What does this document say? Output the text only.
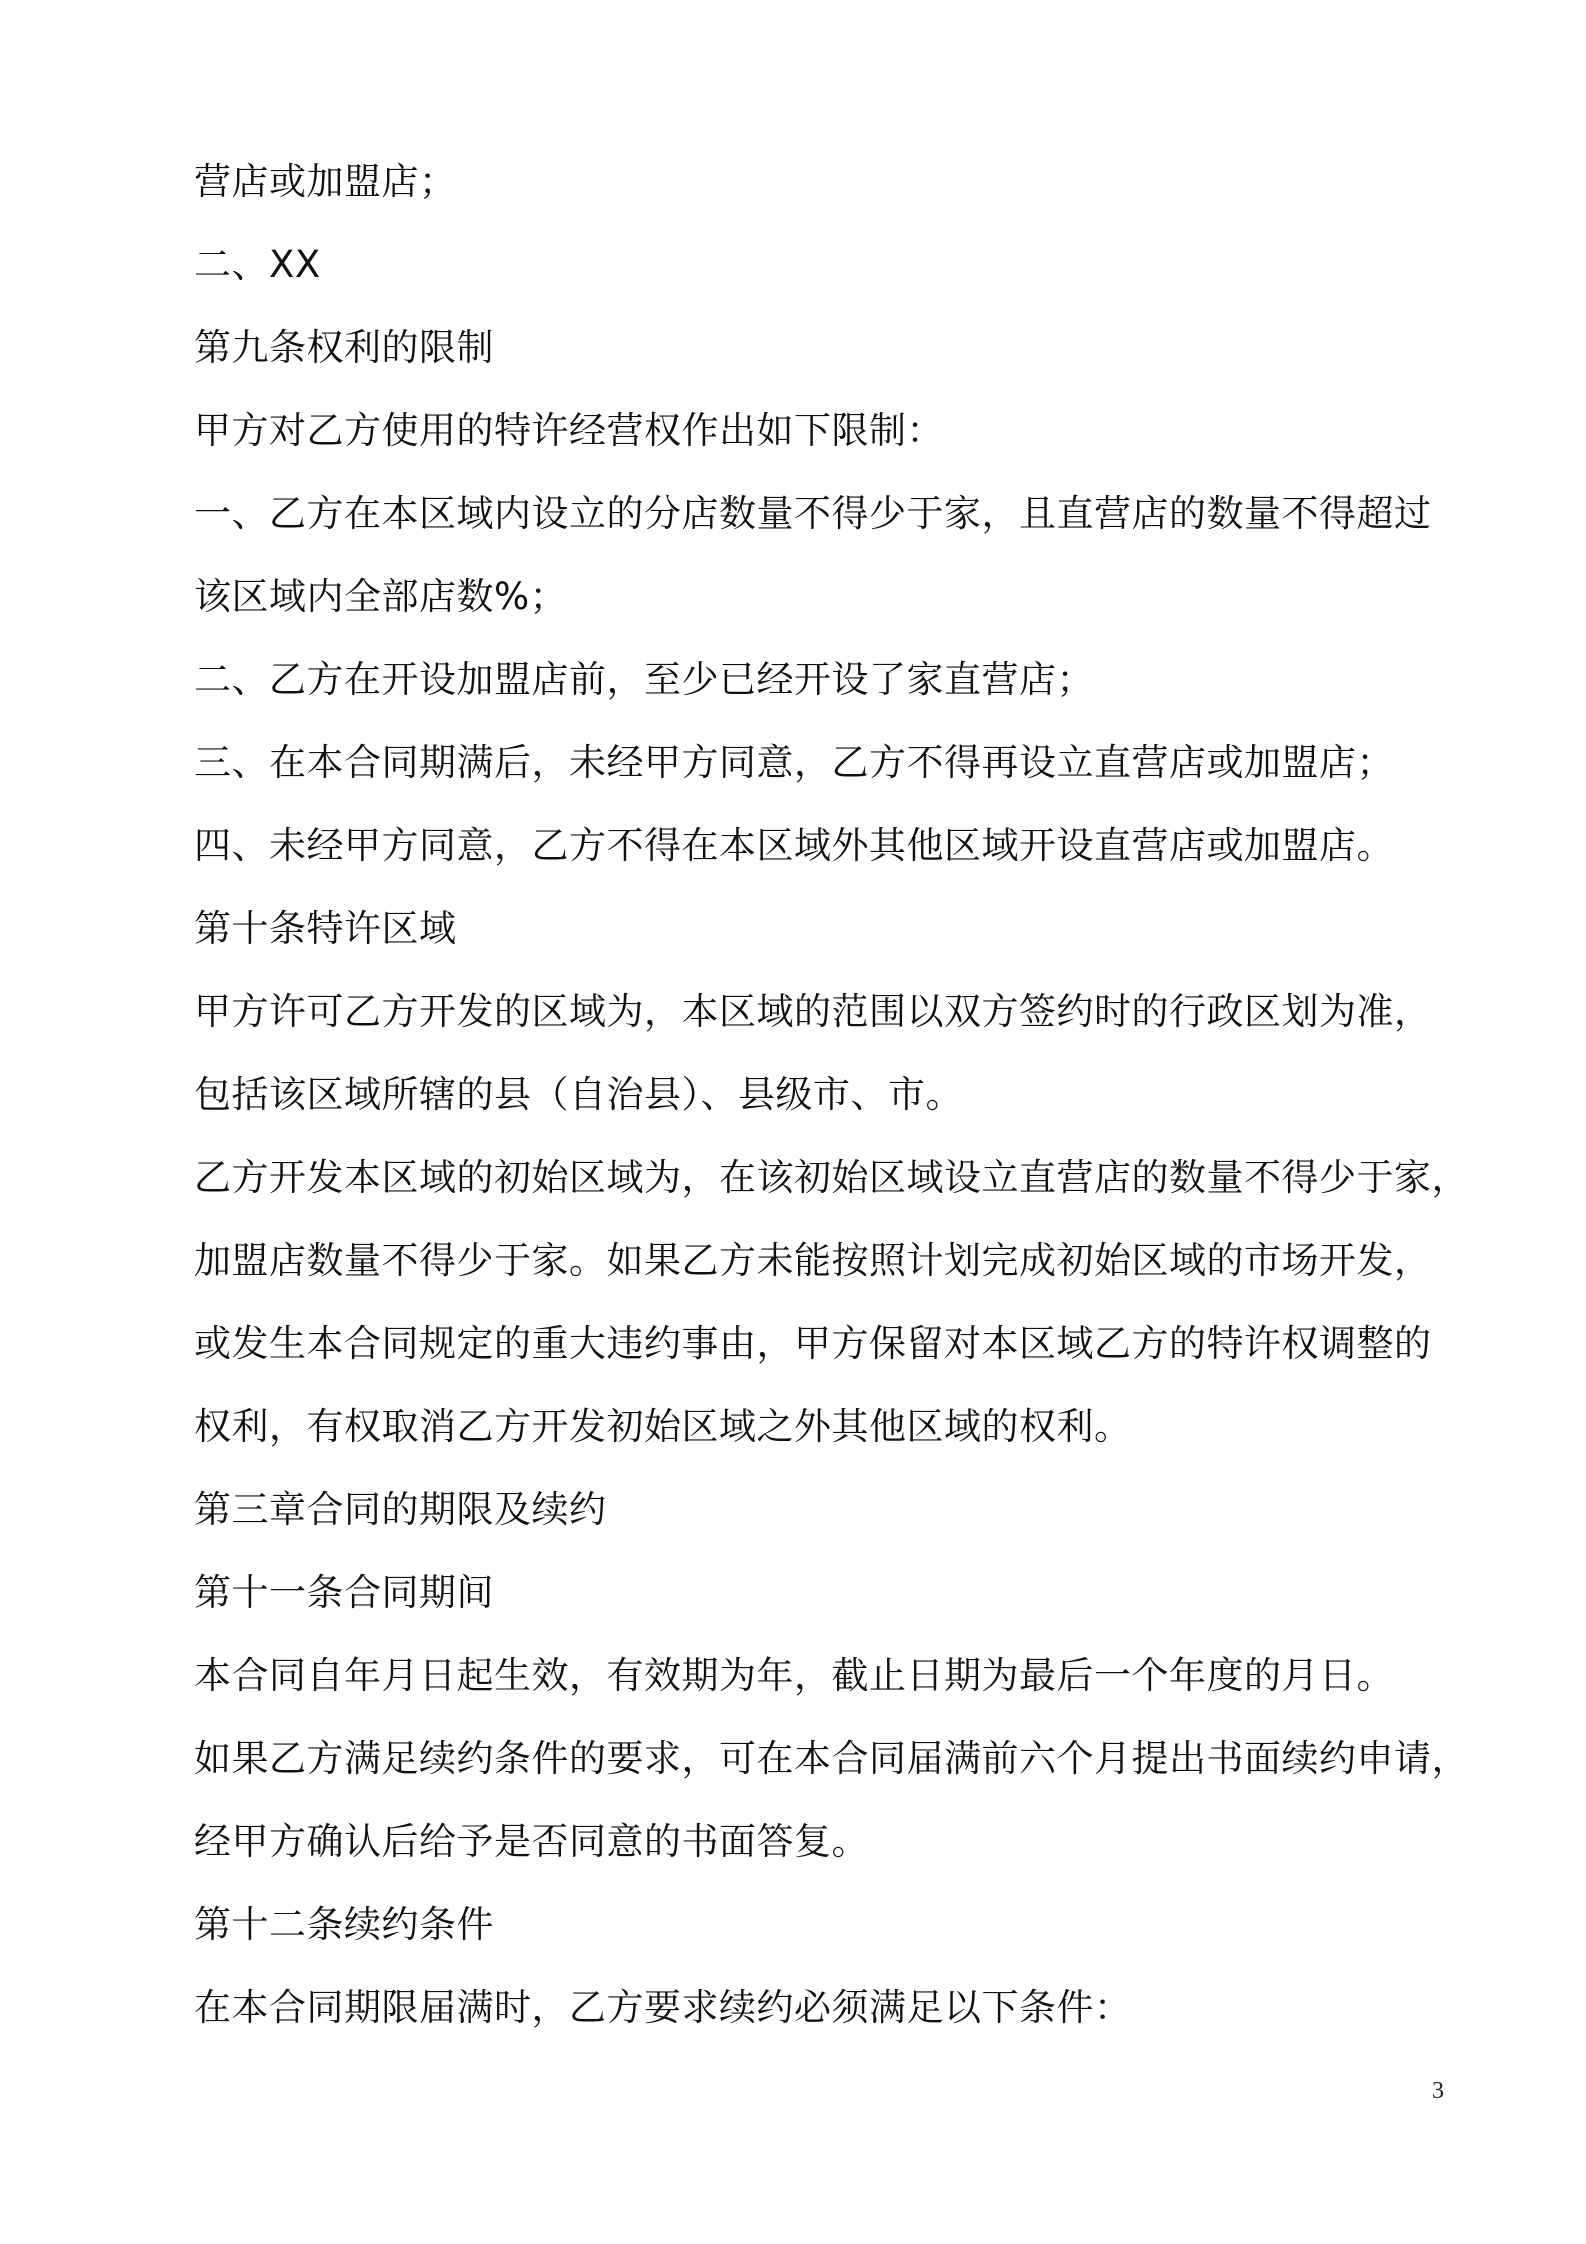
营店或加盟店；
二、XX
第九条权利的限制
甲方对乙方使用的特许经营权作出如下限制：
一、乙方在本区域内设立的分店数量不得少于家，且直营店的数量不得超过
该区域内全部店数%；
二、乙方在开设加盟店前，至少已经开设了家直营店；
三、在本合同期满后，未经甲方同意，乙方不得再设立直营店或加盟店；
四、未经甲方同意，乙方不得在本区域外其他区域开设直营店或加盟店。
第十条特许区域
甲方许可乙方开发的区域为，本区域的范围以双方签约时的行政区划为准，
包括该区域所辖的县（自治县）、县级市、市。
乙方开发本区域的初始区域为，在该初始区域设立直营店的数量不得少于家，
加盟店数量不得少于家。如果乙方未能按照计划完成初始区域的市场开发，
或发生本合同规定的重大违约事由，甲方保留对本区域乙方的特许权调整的
权利，有权取消乙方开发初始区域之外其他区域的权利。
第三章合同的期限及续约
第十一条合同期间
本合同自年月日起生效，有效期为年，截止日期为最后一个年度的月日。
如果乙方满足续约条件的要求，可在本合同届满前六个月提出书面续约申请，
经甲方确认后给予是否同意的书面答复。
第十二条续约条件
在本合同期限届满时，乙方要求续约必须满足以下条件：
3
